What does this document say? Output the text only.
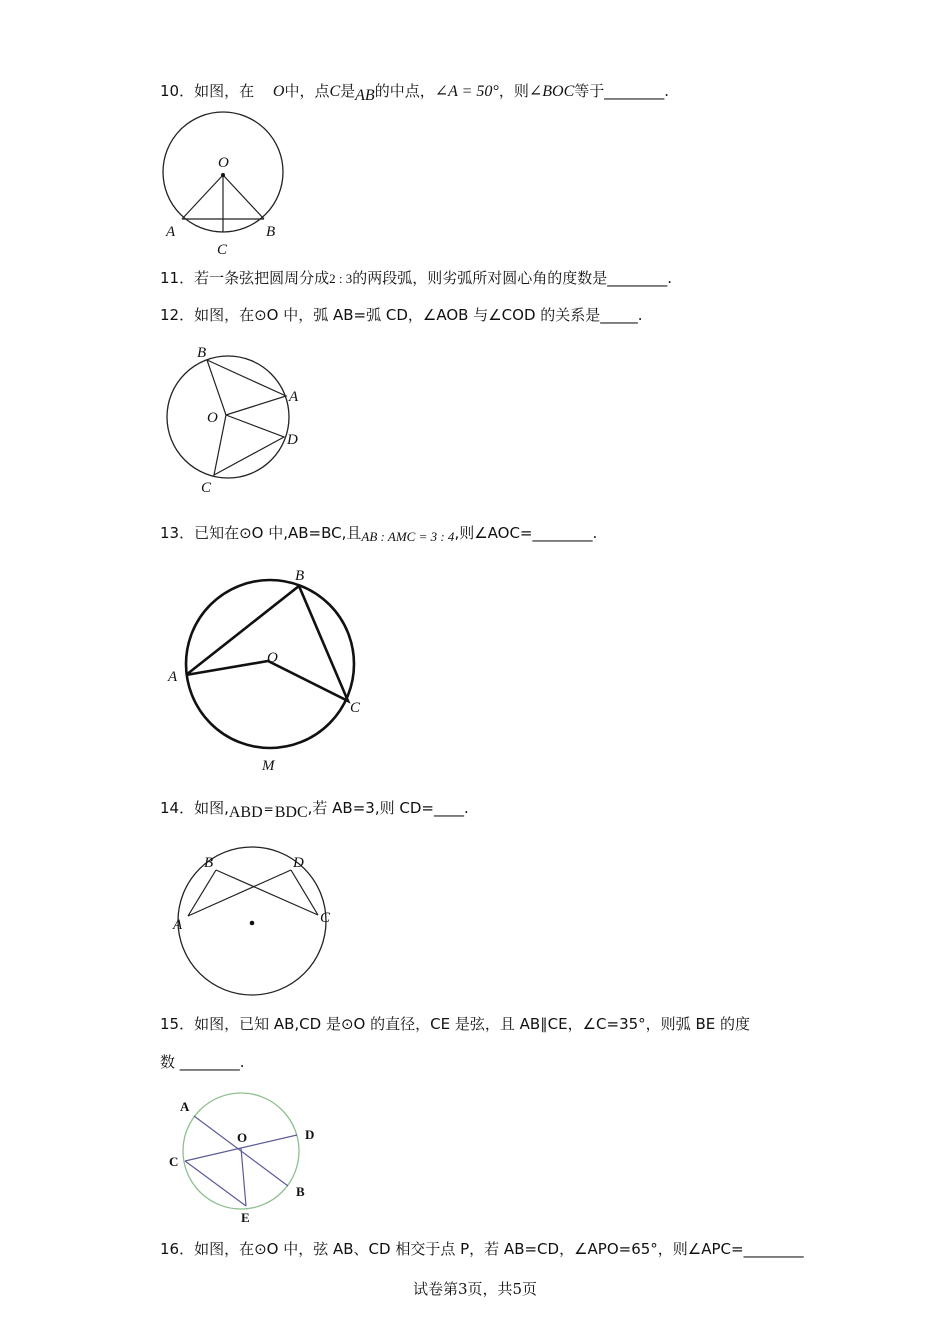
10．如图，在 O中，点C是AB的中点，∠A = 50°，则∠BOC等于________.
O
A	B
C
11．若一条弦把圆周分成2 : 3的两段弧，则劣弧所对圆心角的度数是________.
12．如图，在⊙O 中，弧 AB=弧 CD，∠AOB 与∠COD 的关系是_____.
B
A
O
D
C
13．已知在⊙O 中,AB=BC,且AB : AMC = 3 : 4,则∠AOC=________.
B
A
O
C
M
14．如图,ABD=BDC,若 AB=3,则 CD=____.
B	D
A	C
15．如图，已知 AB,CD 是⊙O 的直径，CE 是弦，且 AB∥CE，∠C=35°，则弧 BE 的度
数 ________.
A
O	D
C
B
E
16．如图，在⊙O 中，弦 AB、CD 相交于点 P，若 AB=CD，∠APO=65°，则∠APC=________
试卷第3页，共5页
